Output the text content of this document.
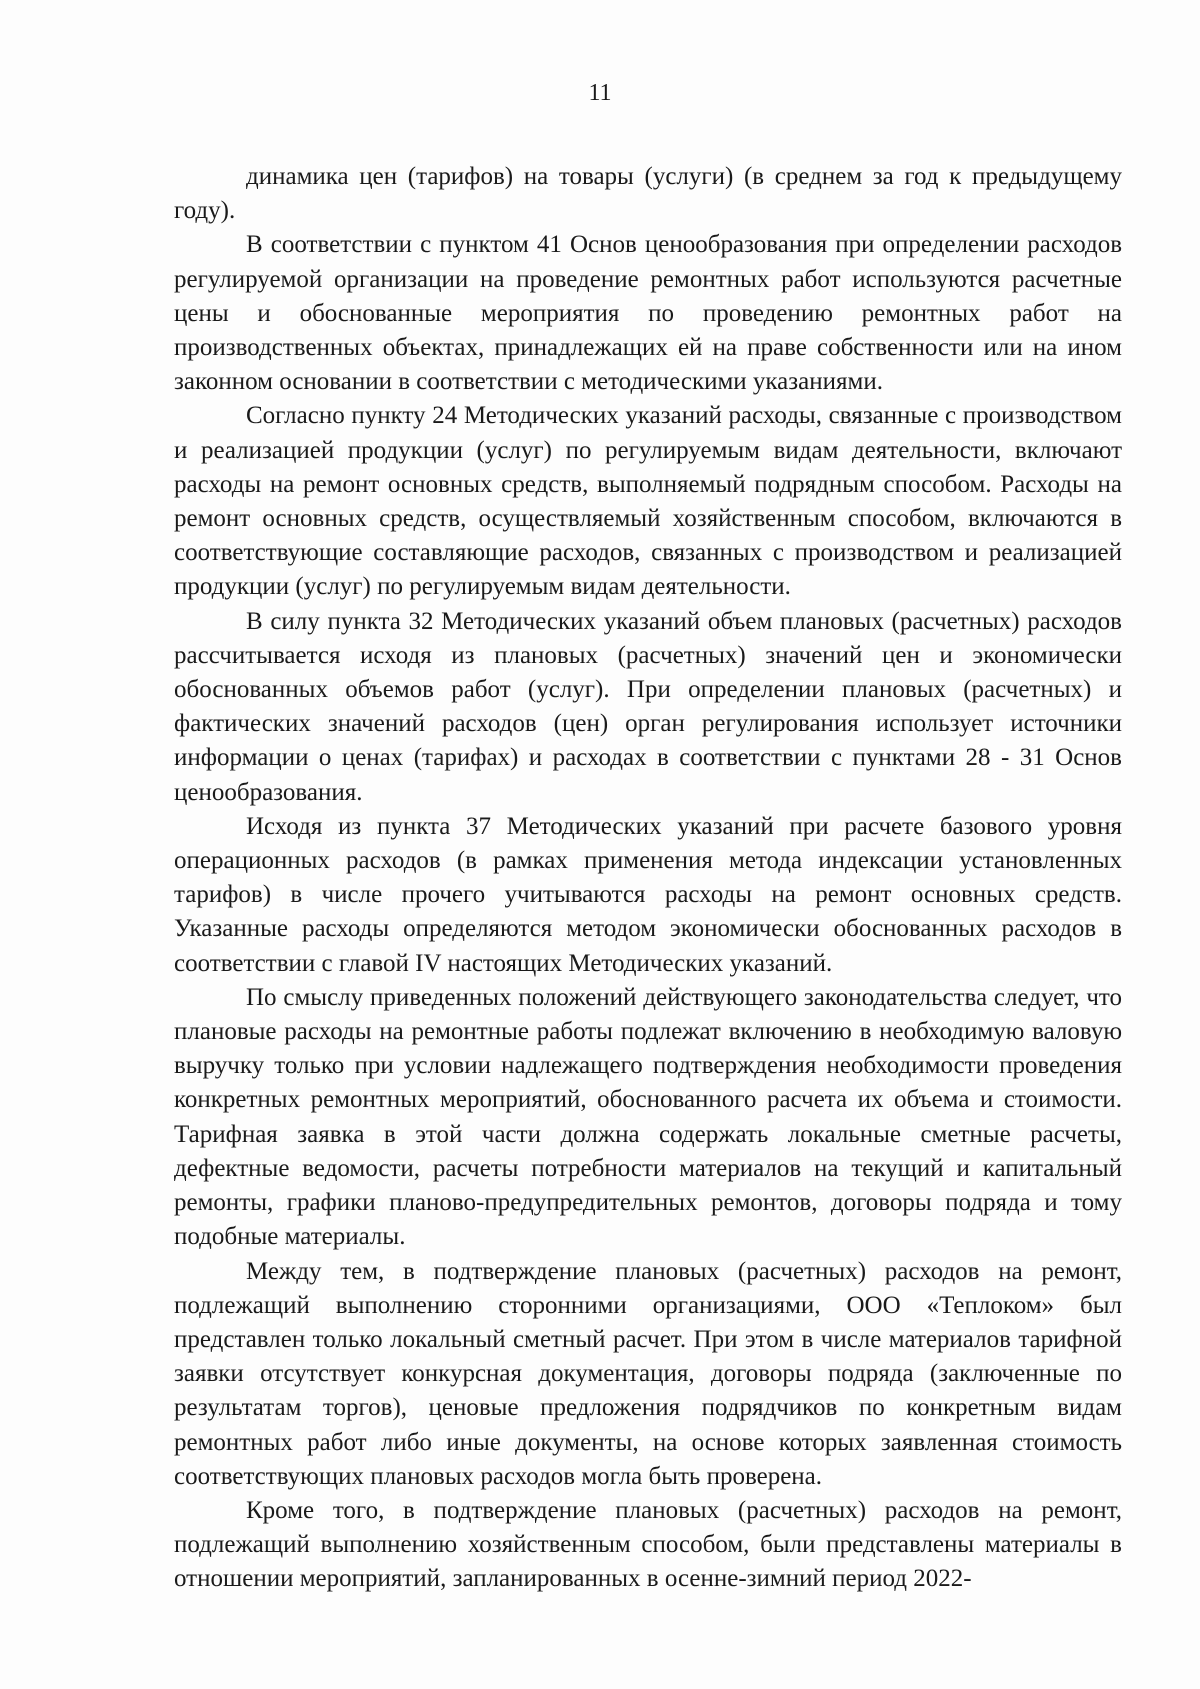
11

динамика цен (тарифов) на товары (услуги) (в среднем за год к предыдущему году).

В соответствии с пунктом 41 Основ ценообразования при определении расходов регулируемой организации на проведение ремонтных работ используются расчетные цены и обоснованные мероприятия по проведению ремонтных работ на производственных объектах, принадлежащих ей на праве собственности или на ином законном основании в соответствии с методическими указаниями.

Согласно пункту 24 Методических указаний расходы, связанные с производством и реализацией продукции (услуг) по регулируемым видам деятельности, включают расходы на ремонт основных средств, выполняемый подрядным способом. Расходы на ремонт основных средств, осуществляемый хозяйственным способом, включаются в соответствующие составляющие расходов, связанных с производством и реализацией продукции (услуг) по регулируемым видам деятельности.

В силу пункта 32 Методических указаний объем плановых (расчетных) расходов рассчитывается исходя из плановых (расчетных) значений цен и экономически обоснованных объемов работ (услуг). При определении плановых (расчетных) и фактических значений расходов (цен) орган регулирования использует источники информации о ценах (тарифах) и расходах в соответствии с пунктами 28 - 31 Основ ценообразования.

Исходя из пункта 37 Методических указаний при расчете базового уровня операционных расходов (в рамках применения метода индексации установленных тарифов) в числе прочего учитываются расходы на ремонт основных средств. Указанные расходы определяются методом экономически обоснованных расходов в соответствии с главой IV настоящих Методических указаний.

По смыслу приведенных положений действующего законодательства следует, что плановые расходы на ремонтные работы подлежат включению в необходимую валовую выручку только при условии надлежащего подтверждения необходимости проведения конкретных ремонтных мероприятий, обоснованного расчета их объема и стоимости. Тарифная заявка в этой части должна содержать локальные сметные расчеты, дефектные ведомости, расчеты потребности материалов на текущий и капитальный ремонты, графики планово-предупредительных ремонтов, договоры подряда и тому подобные материалы.

Между тем, в подтверждение плановых (расчетных) расходов на ремонт, подлежащий выполнению сторонними организациями, ООО «Теплоком» был представлен только локальный сметный расчет. При этом в числе материалов тарифной заявки отсутствует конкурсная документация, договоры подряда (заключенные по результатам торгов), ценовые предложения подрядчиков по конкретным видам ремонтных работ либо иные документы, на основе которых заявленная стоимость соответствующих плановых расходов могла быть проверена.

Кроме того, в подтверждение плановых (расчетных) расходов на ремонт, подлежащий выполнению хозяйственным способом, были представлены материалы в отношении мероприятий, запланированных в осенне-зимний период 2022-
